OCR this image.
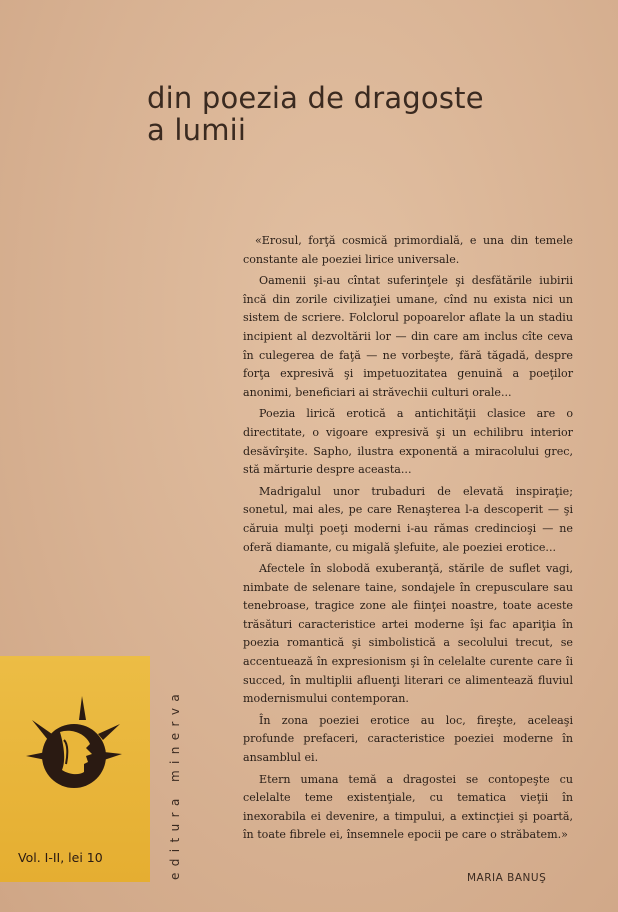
din poezia de dragoste
a lumii

«Erosul, forţă cosmică primordială, e una din temele constante ale poeziei lirice universale.

Oamenii şi-au cîntat suferinţele şi desfătările iubirii încă din zorile civilizaţiei umane, cînd nu exista nici un sistem de scriere. Folclorul popoarelor aflate la un stadiu incipient al dezvoltării lor — din care am inclus cîte ceva în culegerea de faţă — ne vorbeşte, fără tăgadă, despre forţa expresivă şi impetuozitatea genuină a poeţilor anonimi, beneficiari ai străvechii culturi orale...

Poezia lirică erotică a antichităţii clasice are o directitate, o vigoare expresivă şi un echilibru interior desăvîrşite. Sapho, ilustra exponentă a miracolului grec, stă mărturie despre aceasta...

Madrigalul unor trubaduri de elevată inspiraţie; sonetul, mai ales, pe care Renaşterea l-a descoperit — şi căruia mulţi poeţi moderni i-au rămas credincioşi — ne oferă diamante, cu migală şlefuite, ale poeziei erotice...

Afectele în slobodă exuberanţă, stările de suflet vagi, nimbate de selenare taine, sondajele în crepusculare sau tenebroase, tragice zone ale fiinţei noastre, toate aceste trăsături caracteristice artei moderne îşi fac apariţia în poezia romantică şi simbolistică a secolului trecut, se accentuează în expresionism şi în celelalte curente care îi succed, în multiplii afluenţi literari ce alimentează fluviul modernismului contemporan.

În zona poeziei erotice au loc, fireşte, aceleaşi profunde prefaceri, caracteristice poeziei moderne în ansamblul ei.

Etern umana temă a dragostei se contopeşte cu celelalte teme existenţiale, cu tematica vieţii în inexorabila ei devenire, a timpului, a extincţiei şi poartă, în toate fibrele ei, însemnele epocii pe care o străbatem.»

MARIA BANUŞ
Vol. I-II, lei 10	editura minerva
